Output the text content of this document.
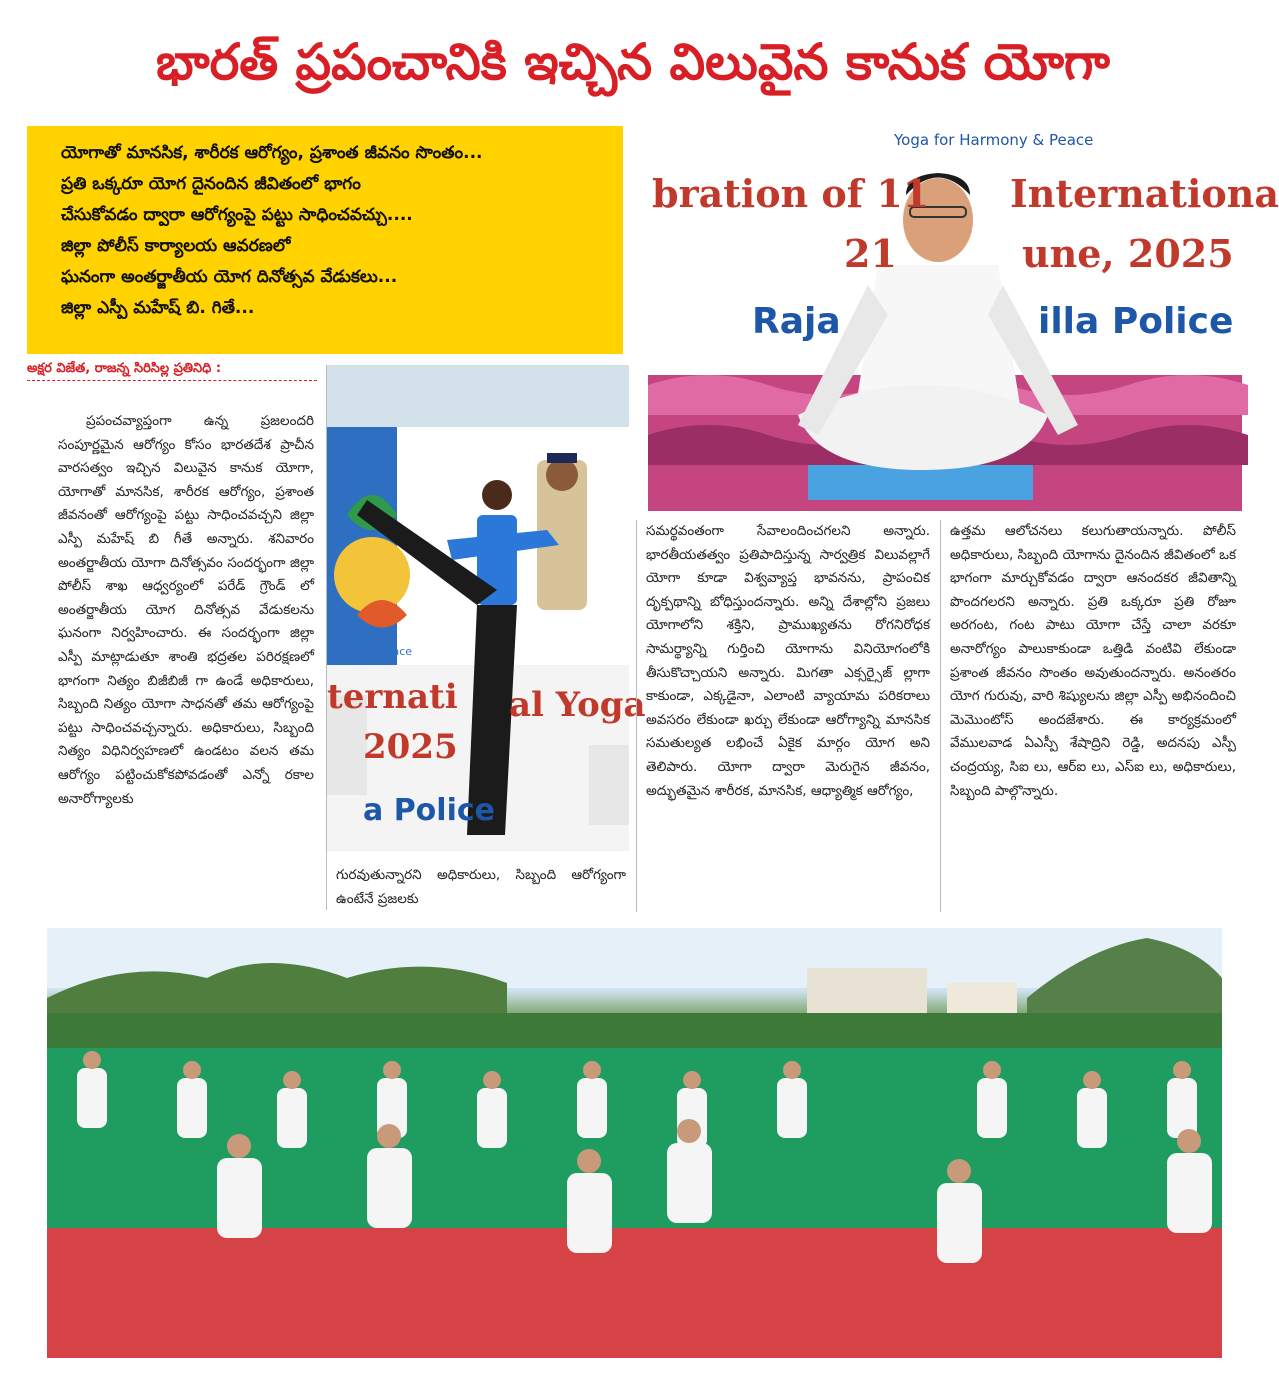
భారత్ ప్రపంచానికి ఇచ్చిన విలువైన కానుక యోగా
యోగాతో మానసిక, శారీరక ఆరోగ్యం, ప్రశాంత జీవనం సొంతం...
ప్రతి ఒక్కరూ యోగ దైనందిన జీవితంలో భాగం
చేసుకోవడం ద్వారా ఆరోగ్యంపై పట్టు సాధించవచ్చు....
జిల్లా పోలీస్ కార్యాలయ ఆవరణలో
ఘనంగా అంతర్జాతీయ యోగ దినోత్సవ వేడుకలు...
జిల్లా ఎస్పీ మహేష్ బి. గితే...
అక్షర విజేత, రాజన్న సిరిసిల్ల ప్రతినిధి :
ప్రపంచవ్యాప్తంగా ఉన్న ప్రజలందరి సంపూర్ణమైన ఆరోగ్యం కోసం భారతదేశ ప్రాచీన వారసత్వం ఇచ్చిన విలువైన కానుక యోగా, యోగాతో మానసిక, శారీరక ఆరోగ్యం, ప్రశాంత జీవనంతో ఆరోగ్యంపై పట్టు సాధించవచ్చని జిల్లా ఎస్పీ మహేష్ బి గీతే అన్నారు. శనివారం అంతర్జాతీయ యోగా దినోత్సవం సందర్భంగా జిల్లా పోలీస్ శాఖ ఆధ్వర్యంలో పరేడ్ గ్రౌండ్ లో అంతర్జాతీయ యోగ దినోత్సవ వేడుకలను ఘనంగా నిర్వహించారు. ఈ సందర్భంగా జిల్లా ఎస్పీ మాట్లాడుతూ శాంతి భద్రతల పరిరక్షణలో భాగంగా నిత్యం బిజీబిజీ గా ఉండే అధికారులు, సిబ్బంది నిత్యం యోగా సాధనతో తమ ఆరోగ్యంపై పట్టు సాధించవచ్చన్నారు. అధికారులు, సిబ్బంది నిత్యం విధినిర్వహణలో ఉండటం వలన తమ ఆరోగ్యం పట్టించుకోకపోవడంతో ఎన్నో రకాల అనారోగ్యాలకు
mony & Peace
ternati al Yoga
2025
a Police
గురవుతున్నారని అధికారులు, సిబ్బంది ఆరోగ్యంగా ఉంటేనే ప్రజలకు
Yoga for Harmony & Peace
bration of 11 Internationa
21	une, 2025
Raja	illa Police
సమర్థవంతంగా సేవాలందించగలని అన్నారు. భారతీయతత్వం ప్రతిపాదిస్తున్న సార్వత్రిక విలువల్లాగే యోగా కూడా విశ్వవ్యాప్త భావనను, ప్రాపంచిక దృక్పథాన్ని బోధిస్తుందన్నారు. అన్ని దేశాల్లోని ప్రజలు యోగాలోని శక్తిని, ప్రాముఖ్యతను రోగనిరోధక సామర్థ్యాన్ని గుర్తించి యోగాను వినియోగంలోకి తీసుకొచ్చాయని అన్నారు. మిగతా ఎక్సర్సైజ్ ల్లాగా కాకుండా, ఎక్కడైనా, ఎలాంటి వ్యాయామ పరికరాలు అవసరం లేకుండా ఖర్చు లేకుండా ఆరోగ్యాన్ని మానసిక సమతుల్యత లభించే ఏకైక మార్గం యోగ అని తెలిపారు. యోగా ద్వారా మెరుగైన జీవనం, అద్భుతమైన శారీరక, మానసిక, ఆధ్యాత్మిక ఆరోగ్యం,
ఉత్తమ ఆలోచనలు కలుగుతాయన్నారు. పోలీస్ అధికారులు, సిబ్బంది యోగాను దైనందిన జీవితంలో ఒక భాగంగా మార్చుకోవడం ద్వారా ఆనందకర జీవితాన్ని పొందగలరని అన్నారు. ప్రతి ఒక్కరూ ప్రతి రోజూ అరగంట, గంట పాటు యోగా చేస్తే చాలా వరకూ అనారోగ్యం పాలుకాకుండా ఒత్తిడి వంటివి లేకుండా ప్రశాంత జీవనం సొంతం అవుతుందన్నారు. అనంతరం యోగ గురువు, వారి శిష్యులను జిల్లా ఎస్పీ అభినందించి మెమొంటోస్ అందజేశారు. ఈ కార్యక్రమంలో వేములవాడ ఏఎస్పీ శేషాద్రిని రెడ్డి, అదనపు ఎస్పీ చంద్రయ్య, సిఐ లు, ఆర్ఐ లు, ఎస్ఐ లు, అధికారులు, సిబ్బంది పాల్గొన్నారు.
